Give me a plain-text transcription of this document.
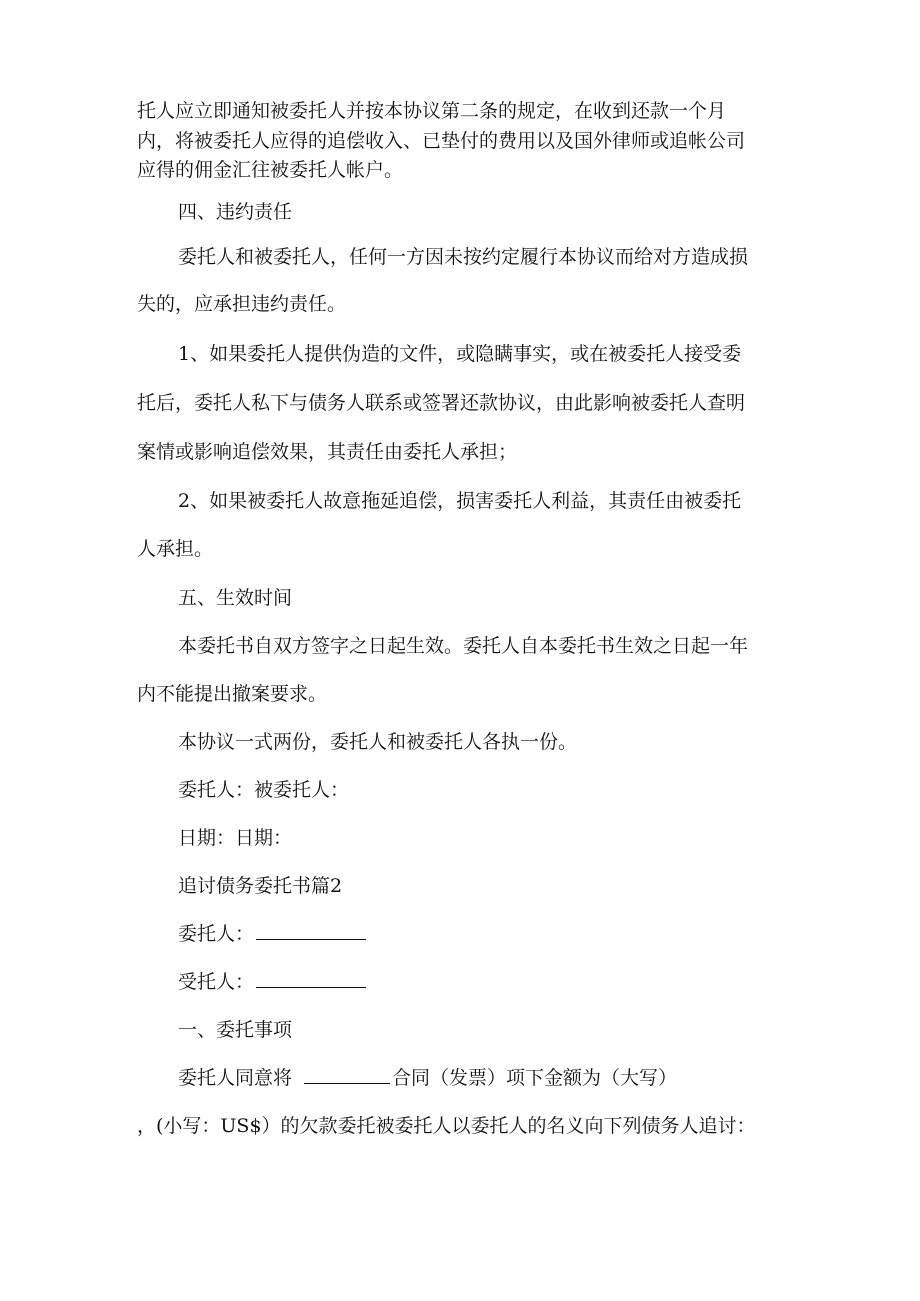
托人应立即通知被委托人并按本协议第二条的规定，在收到还款一个月

内，将被委托人应得的追偿收入、已垫付的费用以及国外律师或追帐公司

应得的佣金汇往被委托人帐户。

四、违约责任

委托人和被委托人，任何一方因未按约定履行本协议而给对方造成损

失的，应承担违约责任。

1、如果委托人提供伪造的文件，或隐瞒事实，或在被委托人接受委

托后，委托人私下与债务人联系或签署还款协议，由此影响被委托人查明

案情或影响追偿效果，其责任由委托人承担；

2、如果被委托人故意拖延追偿，损害委托人利益，其责任由被委托

人承担。

五、生效时间

本委托书自双方签字之日起生效。委托人自本委托书生效之日起一年

内不能提出撤案要求。

本协议一式两份，委托人和被委托人各执一份。

委托人：被委托人：

日期：日期：

追讨债务委托书篇2

委托人：

受托人：

一、委托事项

委托人同意将	合同（发票）项下金额为（大写）

，(小写：US$）的欠款委托被委托人以委托人的名义向下列债务人追讨：
